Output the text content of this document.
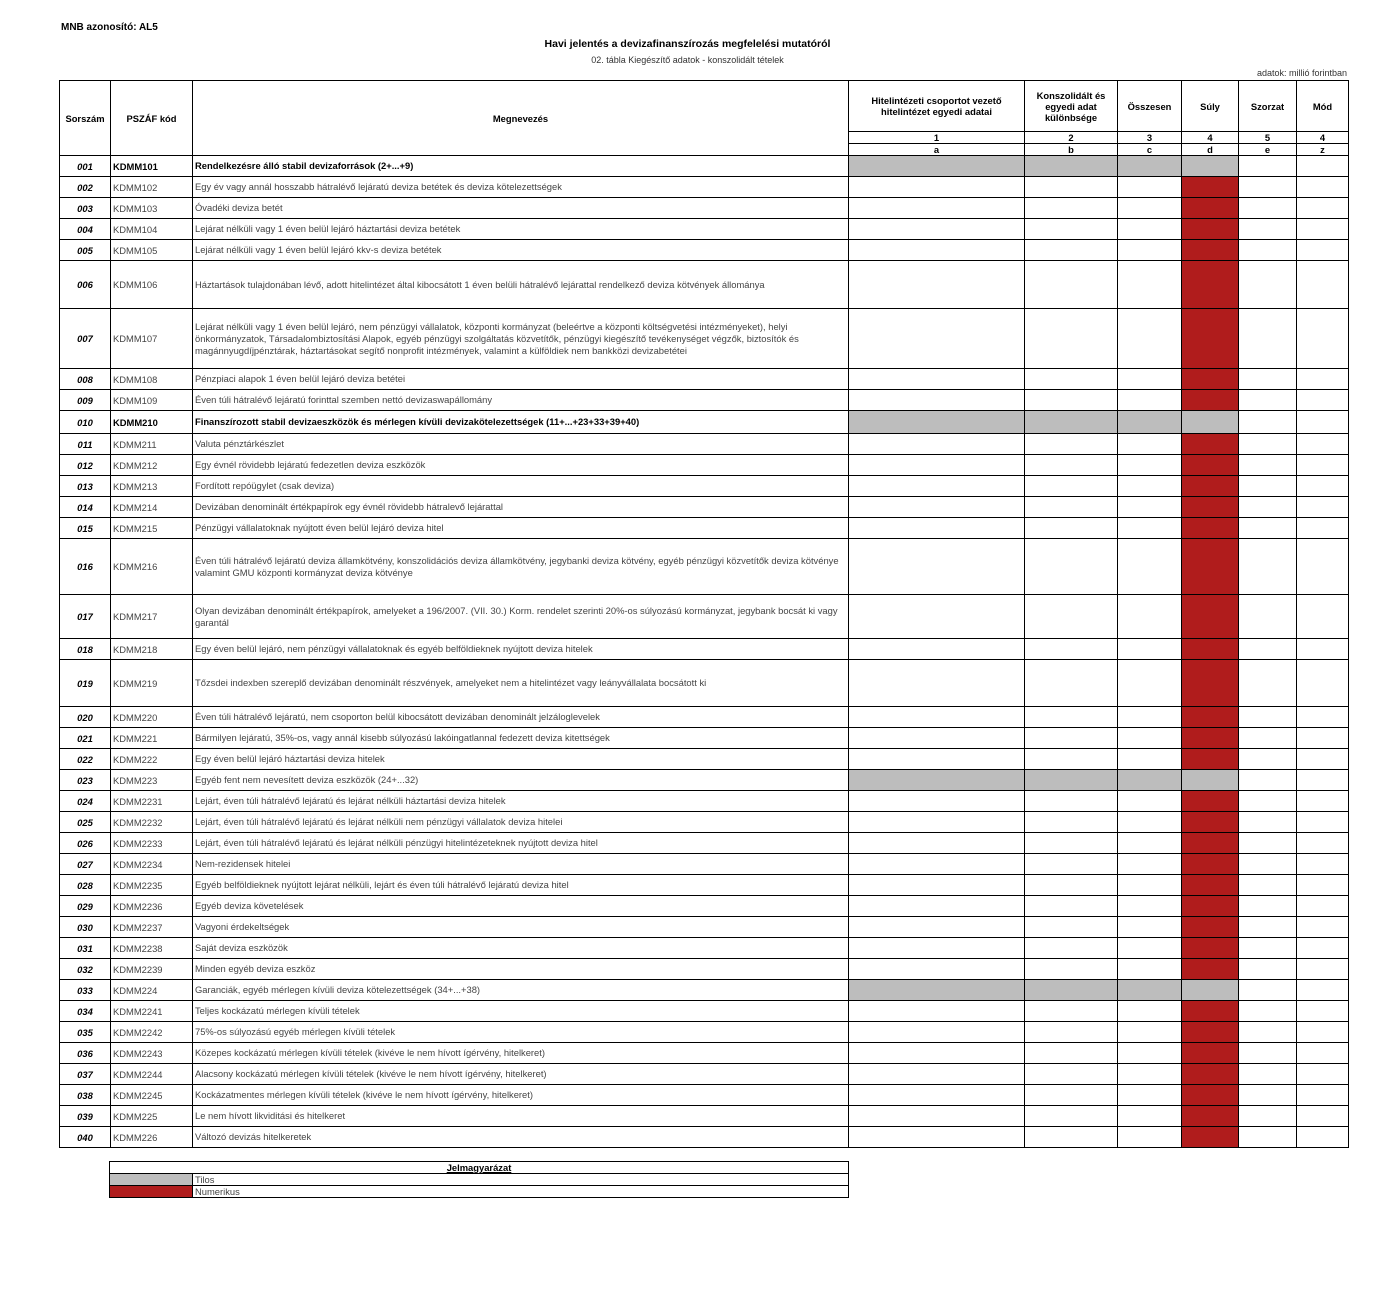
MNB azonosító: AL5
Havi jelentés a devizafinanszírozás megfelelési mutatóról
02. tábla Kiegészítő adatok - konszolidált tételek
adatok: millió forintban
Sorszám	PSZÁF kód	Megnevezés	Hitelintézeti csoportot vezető hitelintézet egyedi adatai	Konszolidált és egyedi adat különbsége	Összesen	Súly	Szorzat	Mód
			1	2	3	4	5	4
			a	b	c	d	e	z
001	KDMM101	Rendelkezésre álló stabil devizaforrások (2+...+9)						
002	KDMM102	Egy év vagy annál hosszabb hátralévő lejáratú deviza betétek és deviza kötelezettségek						
003	KDMM103	Óvadéki deviza betét						
004	KDMM104	Lejárat nélküli vagy 1 éven belül lejáró háztartási deviza betétek						
005	KDMM105	Lejárat nélküli vagy 1 éven belül lejáró kkv-s deviza betétek						
006	KDMM106	Háztartások tulajdonában lévő, adott hitelintézet által kibocsátott 1 éven belüli hátralévő lejárattal rendelkező deviza kötvények állománya						
007	KDMM107	Lejárat nélküli vagy 1 éven belül lejáró, nem pénzügyi vállalatok, központi kormányzat (beleértve a központi költségvetési intézményeket), helyi önkormányzatok, Társadalombiztosítási Alapok, egyéb pénzügyi szolgáltatás közvetítők, pénzügyi kiegészítő tevékenységet végzők, biztosítók és magánnyugdíjpénztárak, háztartásokat segítő nonprofit intézmények, valamint a külföldiek nem bankközi devizabetétei						
008	KDMM108	Pénzpiaci alapok 1 éven belül lejáró deviza betétei						
009	KDMM109	Éven túli hátralévő lejáratú forinttal szemben nettó devizaswapállomány						
010	KDMM210	Finanszírozott stabil devizaeszközök és mérlegen kívüli devizakötelezettségek (11+...+23+33+39+40)						
011	KDMM211	Valuta pénztárkészlet						
012	KDMM212	Egy évnél rövidebb lejáratú fedezetlen deviza eszközök						
013	KDMM213	Fordított repóügylet (csak deviza)						
014	KDMM214	Devizában denominált értékpapírok egy évnél rövidebb hátralevő lejárattal						
015	KDMM215	Pénzügyi vállalatoknak nyújtott éven belül lejáró deviza hitel						
016	KDMM216	Éven túli hátralévő lejáratú deviza államkötvény, konszolidációs deviza államkötvény, jegybanki deviza kötvény, egyéb pénzügyi közvetítők deviza kötvénye valamint GMU központi kormányzat deviza kötvénye						
017	KDMM217	Olyan devizában denominált értékpapírok, amelyeket a 196/2007. (VII. 30.) Korm. rendelet szerinti 20%-os súlyozású kormányzat, jegybank bocsát ki vagy garantál						
018	KDMM218	Egy éven belül lejáró, nem pénzügyi vállalatoknak és egyéb belföldieknek nyújtott deviza hitelek						
019	KDMM219	Tőzsdei indexben szereplő devizában denominált részvények, amelyeket nem a hitelintézet vagy leányvállalata bocsátott ki						
020	KDMM220	Éven túli hátralévő lejáratú, nem csoporton belül kibocsátott devizában denominált jelzáloglevelek						
021	KDMM221	Bármilyen lejáratú, 35%-os, vagy annál kisebb súlyozású lakóingatlannal fedezett deviza kitettségek						
022	KDMM222	Egy éven belül lejáró háztartási deviza hitelek						
023	KDMM223	Egyéb fent nem nevesített deviza eszközök (24+...32)						
024	KDMM2231	Lejárt, éven túli hátralévő lejáratú és lejárat nélküli háztartási deviza hitelek						
025	KDMM2232	Lejárt, éven túli hátralévő lejáratú és lejárat nélküli nem pénzügyi vállalatok deviza hitelei						
026	KDMM2233	Lejárt, éven túli hátralévő lejáratú és lejárat nélküli pénzügyi hitelintézeteknek nyújtott deviza hitel						
027	KDMM2234	Nem-rezidensek hitelei						
028	KDMM2235	Egyéb belföldieknek nyújtott lejárat nélküli, lejárt és éven túli hátralévő lejáratú deviza hitel						
029	KDMM2236	Egyéb deviza követelések						
030	KDMM2237	Vagyoni érdekeltségek						
031	KDMM2238	Saját deviza eszközök						
032	KDMM2239	Minden egyéb deviza eszköz						
033	KDMM224	Garanciák, egyéb mérlegen kívüli deviza kötelezettségek (34+...+38)						
034	KDMM2241	Teljes kockázatú mérlegen kívüli tételek						
035	KDMM2242	75%-os súlyozású egyéb mérlegen kívüli tételek						
036	KDMM2243	Közepes kockázatú mérlegen kívüli tételek (kivéve le nem hívott ígérvény, hitelkeret)						
037	KDMM2244	Alacsony kockázatú mérlegen kívüli tételek (kivéve le nem hívott ígérvény, hitelkeret)						
038	KDMM2245	Kockázatmentes mérlegen kívüli tételek (kivéve le nem hívott ígérvény, hitelkeret)						
039	KDMM225	Le nem hívott likviditási és hitelkeret						
040	KDMM226	Változó devizás hitelkeretek						
Jelmagyarázat	
	Tilos
	Numerikus
